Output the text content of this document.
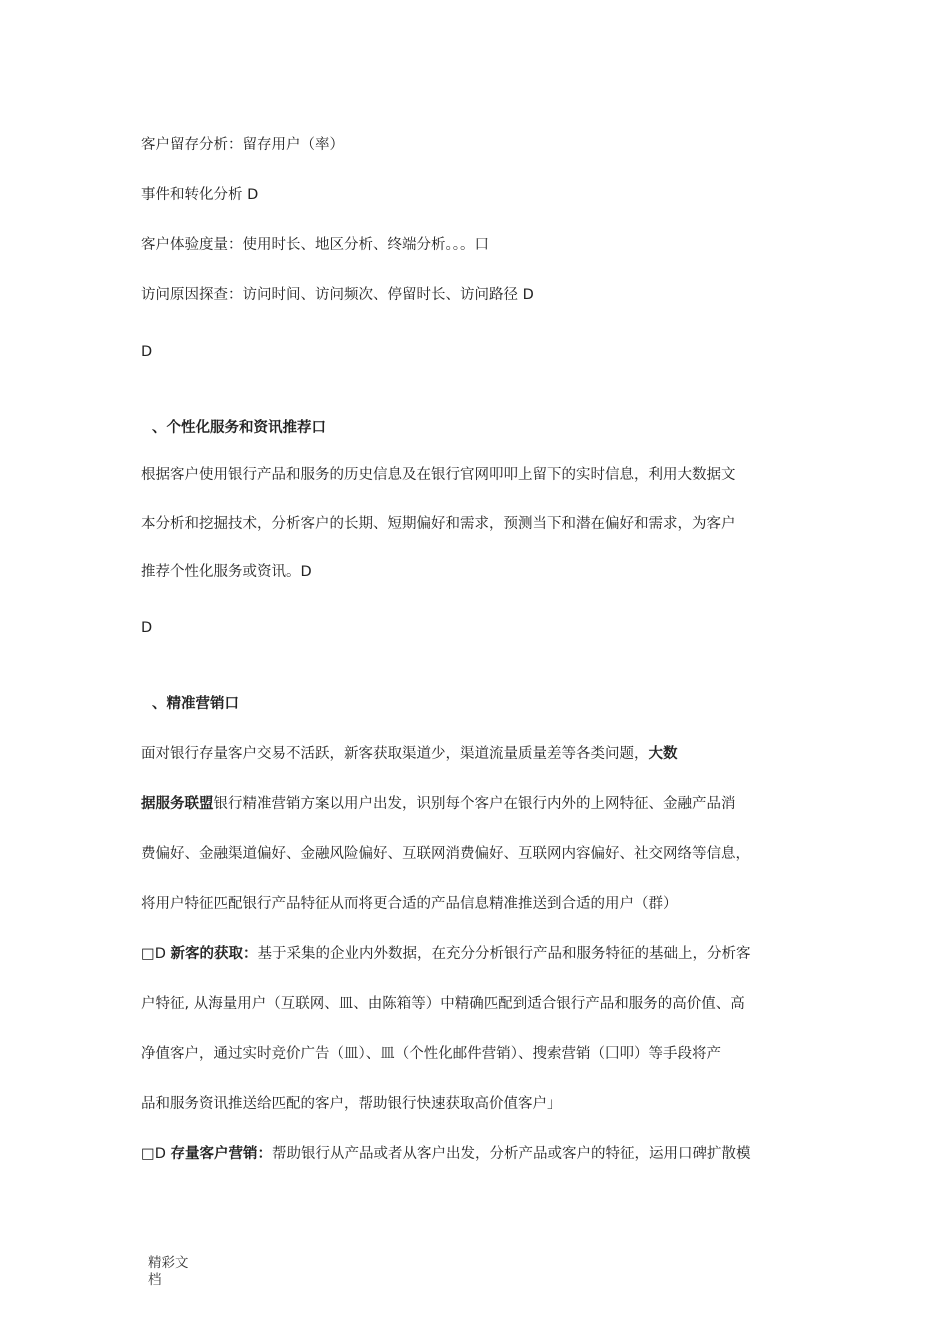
客户留存分析：留存用户（率）
事件和转化分析 D
客户体验度量：使用时长、地区分析、终端分析。。。口
访问原因探查：访问时间、访问频次、停留时长、访问路径 D
D
、个性化服务和资讯推荐口
根据客户使用银行产品和服务的历史信息及在银行官网叩叩上留下的实时信息，利用大数据文
本分析和挖掘技术，分析客户的长期、短期偏好和需求，预测当下和潜在偏好和需求，为客户
推荐个性化服务或资讯。D
D
、精准营销口
面对银行存量客户交易不活跃，新客获取渠道少，渠道流量质量差等各类问题，大数
据服务联盟银行精准营销方案以用户出发，识别每个客户在银行内外的上网特征、金融产品消
费偏好、金融渠道偏好、金融风险偏好、互联网消费偏好、互联网内容偏好、社交网络等信息，
将用户特征匹配银行产品特征从而将更合适的产品信息精准推送到合适的用户（群）
□D 新客的获取：基于采集的企业内外数据，在充分分析银行产品和服务特征的基础上，分析客
户特征, 从海量用户（互联网、皿、由陈箱等）中精确匹配到适合银行产品和服务的高价值、高
净值客户，通过实时竞价广告（皿）、皿（个性化邮件营销）、搜索营销（囗叩）等手段将产
品和服务资讯推送给匹配的客户，帮助银行快速获取高价值客户」
□D 存量客户营销：帮助银行从产品或者从客户出发，分析产品或客户的特征，运用口碑扩散模
精彩文
档
